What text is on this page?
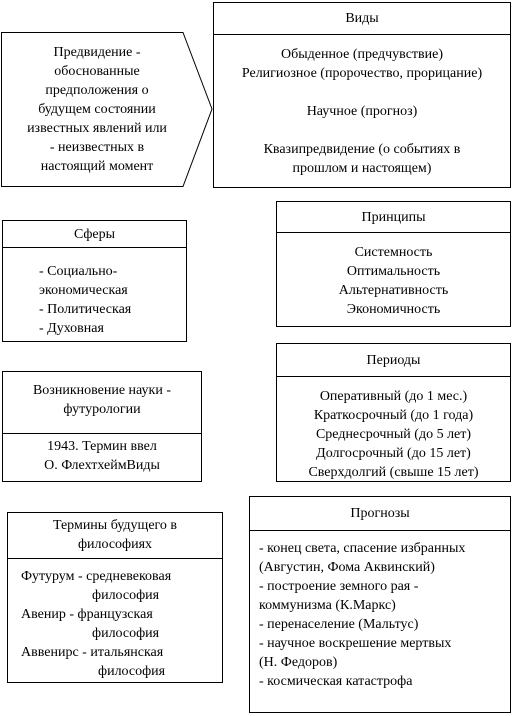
Предвидение -
обоснованные
предположения о
будущем состоянии
известных явлений или
- неизвестных в
настоящий момент
Виды
Обыденное (предчувствие)
Религиозное (пророчество, прорицание)
Научное (прогноз)
Квазипредвидение (о событиях в
прошлом и настоящем)
Сферы
- Социально-
экономическая
- Политическая
- Духовная
Принципы
Системность
Оптимальность
Альтернативность
Экономичность
Возникновение науки -
футурологии
1943. Термин ввел
О. ФлехтхеймВиды
Периоды
Оперативный (до 1 мес.)
Краткосрочный (до 1 года)
Среднесрочный (до 5 лет)
Долгосрочный (до 15 лет)
Сверхдолгий (свыше 15 лет)
Термины будущего в
философиях
Футурум - средневековая
философия
Авенир - французская
философия
Аввенирс - итальянская
философия
Прогнозы
- конец света, спасение избранных
(Августин, Фома Аквинский)
- построение земного рая -
коммунизма (К.Маркс)
- перенаселение (Мальтус)
- научное воскрешение мертвых
(Н. Федоров)
- космическая катастрофа
